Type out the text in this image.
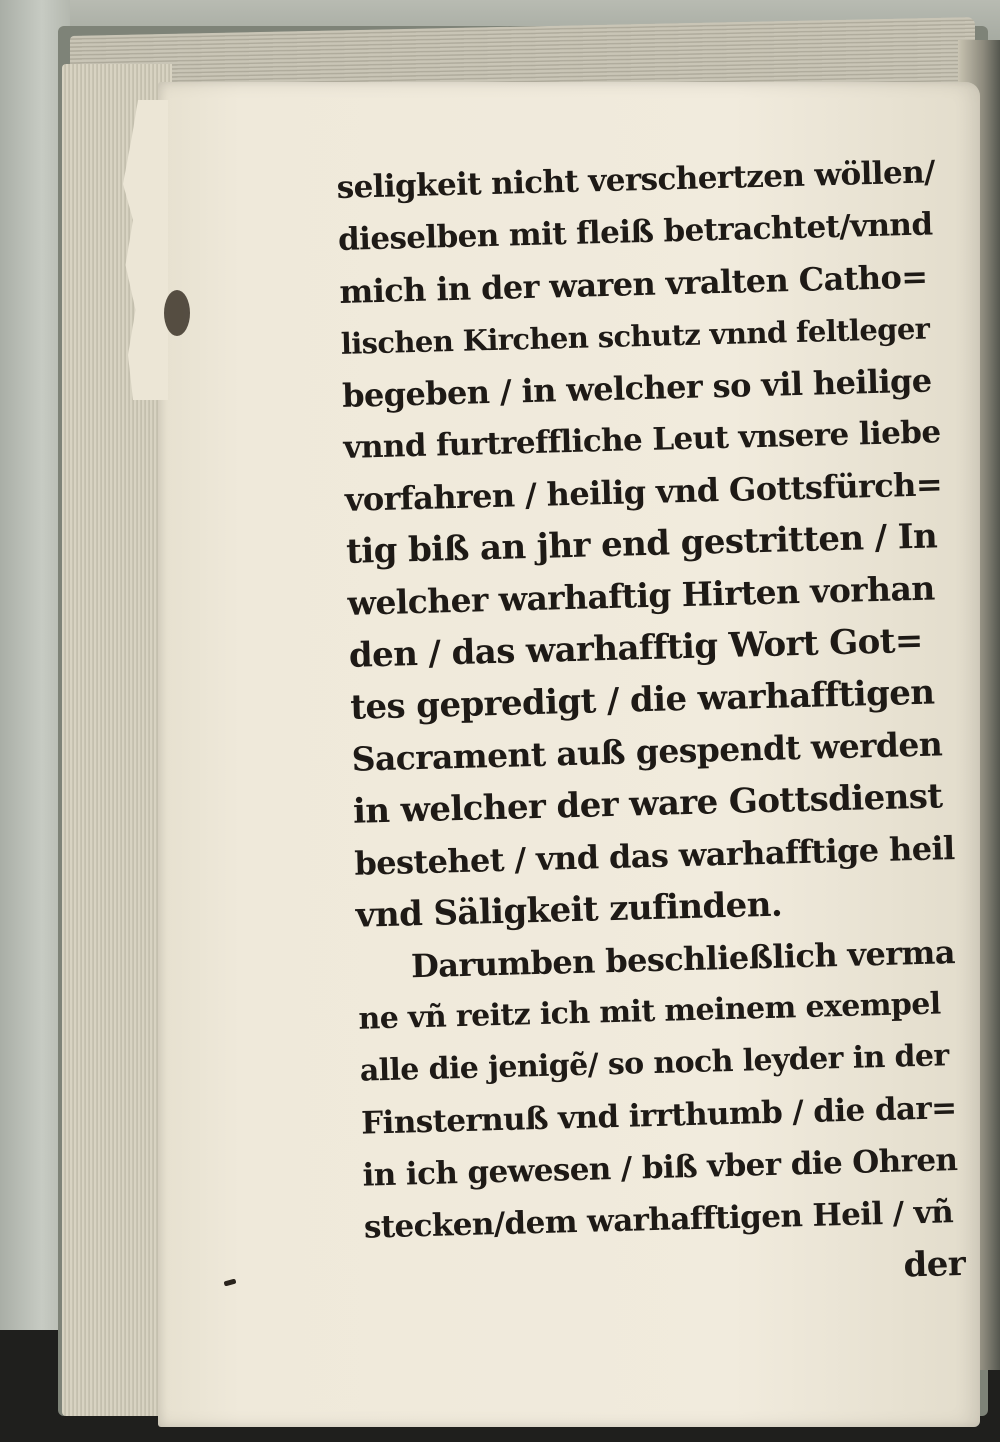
seligkeit nicht verschertzen wöllen/
dieselben mit fleiß betrachtet/vnnd
mich in der waren vralten Catho=
lischen Kirchen schutz vnnd feltleger
begeben / in welcher so vil heilige
vnnd furtreffliche Leut vnsere liebe
vorfahren / heilig vnd Gottsfürch=
tig biß an jhr end gestritten / In
welcher warhaftig Hirten vorhan
den / das warhafftig Wort Got=
tes gepredigt / die warhafftigen
Sacrament auß gespendt werden
in welcher der ware Gottsdienst
bestehet / vnd das warhafftige heil
vnd Säligkeit zufinden.
Darumben beschließlich verma
ne vñ reitz ich mit meinem exempel
alle die jenigẽ/ so noch leyder in der
Finsternuß vnd irrthumb / die dar=
in ich gewesen / biß vber die Ohren
stecken/dem warhafftigen Heil / vñ
der
